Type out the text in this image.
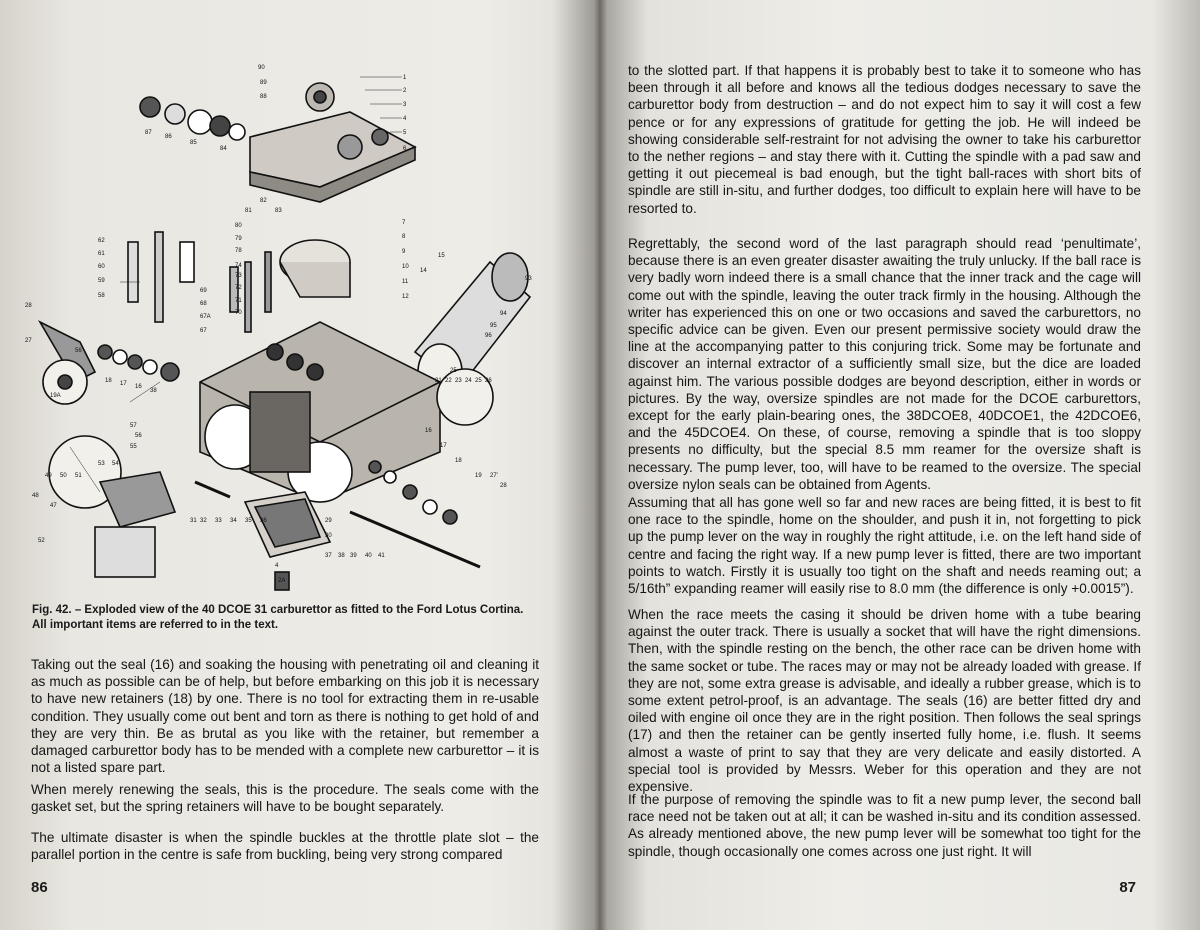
90
89
88
87
86
85
84
1
2
3
4
5
6
7
8
9
10
11
12
14
15
93
94
95
96
81
82
83
80
79
78
74
73
72
71
70
69
68
67A
67
62
61
60
59
58
56
28
27
19A
18 17 16
38
57
56
55
53 54
49 50 51
48
47
52
31 32 33 34 35 36	29
30
37 38 39 40 41
4
2A
16
17
18
19 27'
28
25
21 22 23 24 25 26
Fig. 42. – Exploded view of the 40 DCOE 31 carburettor as fitted to the Ford Lotus Cortina. All important items are referred to in the text.

Taking out the seal (16) and soaking the housing with penetrating oil and cleaning it as much as possible can be of help, but before embarking on this job it is necessary to have new retainers (18) by one. There is no tool for extracting them in re-usable condition. They usually come out bent and torn as there is nothing to get hold of and they are very thin. Be as brutal as you like with the retainer, but remember a damaged carburettor body has to be mended with a complete new carburettor – it is not a listed spare part.

When merely renewing the seals, this is the procedure. The seals come with the gasket set, but the spring retainers will have to be bought separately.

The ultimate disaster is when the spindle buckles at the throttle plate slot – the parallel portion in the centre is safe from buckling, being very strong compared

86

to the slotted part. If that happens it is probably best to take it to someone who has been through it all before and knows all the tedious dodges necessary to save the carburettor body from destruction – and do not expect him to say it will cost a few pence or for any expressions of gratitude for getting the job. He will indeed be showing considerable self-restraint for not advising the owner to take his carburettor to the nether regions – and stay there with it. Cutting the spindle with a pad saw and getting it out piecemeal is bad enough, but the tight ball-races with short bits of spindle are still in-situ, and further dodges, too difficult to explain here will have to be resorted to.

Regrettably, the second word of the last paragraph should read ‘penultimate’, because there is an even greater disaster awaiting the truly unlucky. If the ball race is very badly worn indeed there is a small chance that the inner track and the cage will come out with the spindle, leaving the outer track firmly in the housing. Although the writer has experienced this on one or two occasions and saved the carburettors, no specific advice can be given. Even our present permissive society would draw the line at the accompanying patter to this conjuring trick. Some may be fortunate and discover an internal extractor of a sufficiently small size, but the dice are loaded against him. The various possible dodges are beyond description, either in words or pictures. By the way, oversize spindles are not made for the DCOE carburettors, except for the early plain-bearing ones, the 38DCOE8, 40DCOE1, the 42DCOE6, and the 45DCOE4. On these, of course, removing a spindle that is too sloppy presents no difficulty, but the special 8.5 mm reamer for the oversize shaft is necessary. The pump lever, too, will have to be reamed to the oversize. The special oversize nylon seals can be obtained from Agents.

Assuming that all has gone well so far and new races are being fitted, it is best to fit one race to the spindle, home on the shoulder, and push it in, not forgetting to pick up the pump lever on the way in roughly the right attitude, i.e. on the left hand side of centre and facing the right way. If a new pump lever is fitted, there are two important points to watch. Firstly it is usually too tight on the shaft and needs reaming out; a 5/16th” expanding reamer will easily rise to 8.0 mm (the difference is only +0.0015”).

When the race meets the casing it should be driven home with a tube bearing against the outer track. There is usually a socket that will have the right dimensions. Then, with the spindle resting on the bench, the other race can be driven home with the same socket or tube. The races may or may not be already loaded with grease. If they are not, some extra grease is advisable, and ideally a rubber grease, which is to some extent petrol-proof, is an advantage. The seals (16) are better fitted dry and oiled with engine oil once they are in the right position. Then follows the seal springs (17) and then the retainer can be gently inserted fully home, i.e. flush. It seems almost a waste of print to say that they are very delicate and easily distorted. A special tool is provided by Messrs. Weber for this operation and they are not expensive.

If the purpose of removing the spindle was to fit a new pump lever, the second ball race need not be taken out at all; it can be washed in-situ and its condition assessed. As already mentioned above, the new pump lever will be somewhat too tight for the spindle, though occasionally one comes across one just right. It will

87
